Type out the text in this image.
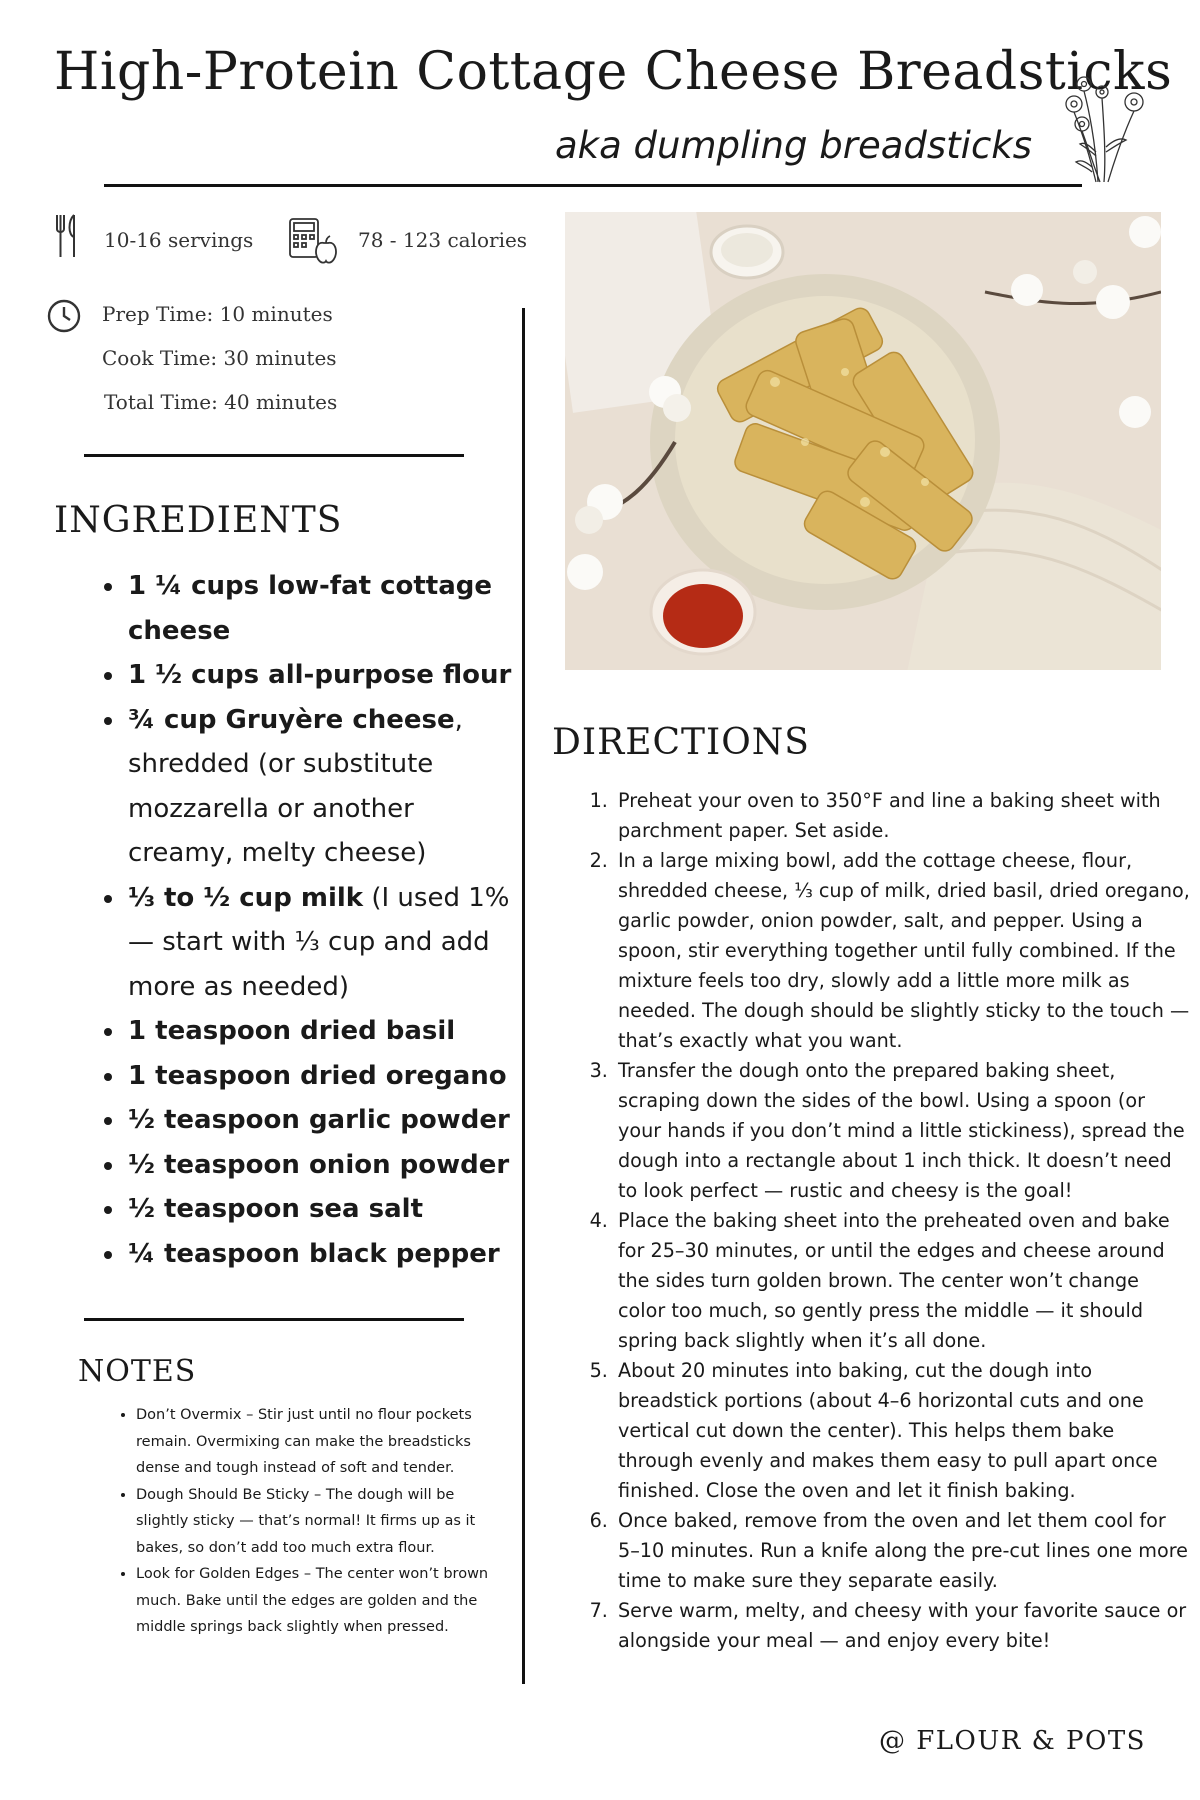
High-Protein Cottage Cheese Breadsticks
aka dumpling breadsticks
10-16 servings	78 - 123 calories
Prep Time: 10 minutes
Cook Time: 30 minutes
Total Time: 40 minutes
INGREDIENTS
• 1 ¼ cups low-fat cottage cheese
• 1 ½ cups all-purpose flour
• ¾ cup Gruyère cheese, shredded (or substitute mozzarella or another creamy, melty cheese)
• ⅓ to ½ cup milk (I used 1% — start with ⅓ cup and add more as needed)
• 1 teaspoon dried basil
• 1 teaspoon dried oregano
• ½ teaspoon garlic powder
• ½ teaspoon onion powder
• ½ teaspoon sea salt
• ¼ teaspoon black pepper
NOTES
• Don’t Overmix – Stir just until no flour pockets remain. Overmixing can make the breadsticks dense and tough instead of soft and tender.
• Dough Should Be Sticky – The dough will be slightly sticky — that’s normal! It firms up as it bakes, so don’t add too much extra flour.
• Look for Golden Edges – The center won’t brown much. Bake until the edges are golden and the middle springs back slightly when pressed.
DIRECTIONS
1. Preheat your oven to 350°F and line a baking sheet with parchment paper. Set aside.
2. In a large mixing bowl, add the cottage cheese, flour, shredded cheese, ⅓ cup of milk, dried basil, dried oregano, garlic powder, onion powder, salt, and pepper. Using a spoon, stir everything together until fully combined. If the mixture feels too dry, slowly add a little more milk as needed. The dough should be slightly sticky to the touch — that’s exactly what you want.
3. Transfer the dough onto the prepared baking sheet, scraping down the sides of the bowl. Using a spoon (or your hands if you don’t mind a little stickiness), spread the dough into a rectangle about 1 inch thick. It doesn’t need to look perfect — rustic and cheesy is the goal!
4. Place the baking sheet into the preheated oven and bake for 25–30 minutes, or until the edges and cheese around the sides turn golden brown. The center won’t change color too much, so gently press the middle — it should spring back slightly when it’s all done.
5. About 20 minutes into baking, cut the dough into breadstick portions (about 4–6 horizontal cuts and one vertical cut down the center). This helps them bake through evenly and makes them easy to pull apart once finished. Close the oven and let it finish baking.
6. Once baked, remove from the oven and let them cool for 5–10 minutes. Run a knife along the pre-cut lines one more time to make sure they separate easily.
7. Serve warm, melty, and cheesy with your favorite sauce or alongside your meal — and enjoy every bite!
@ FLOUR & POTS
